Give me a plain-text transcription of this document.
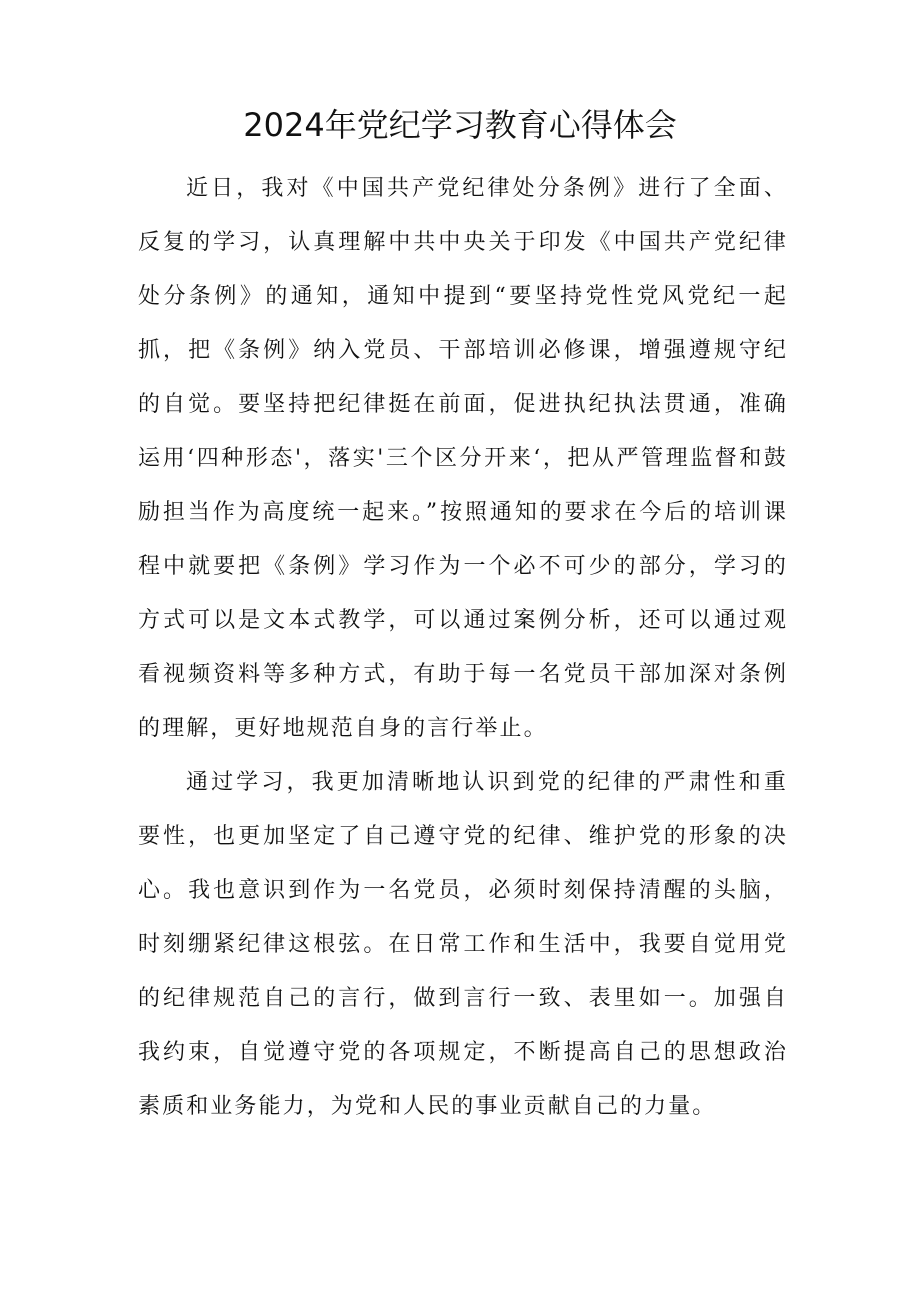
2024年党纪学习教育心得体会

近日，我对《中国共产党纪律处分条例》进行了全面、反复的学习，认真理解中共中央关于印发《中国共产党纪律处分条例》的通知，通知中提到“要坚持党性党风党纪一起抓，把《条例》纳入党员、干部培训必修课，增强遵规守纪的自觉。要坚持把纪律挺在前面，促进执纪执法贯通，准确运用‘四种形态'，落实'三个区分开来‘，把从严管理监督和鼓励担当作为高度统一起来。”按照通知的要求在今后的培训课程中就要把《条例》学习作为一个必不可少的部分，学习的方式可以是文本式教学，可以通过案例分析，还可以通过观看视频资料等多种方式，有助于每一名党员干部加深对条例的理解，更好地规范自身的言行举止。

通过学习，我更加清晰地认识到党的纪律的严肃性和重要性，也更加坚定了自己遵守党的纪律、维护党的形象的决心。我也意识到作为一名党员，必须时刻保持清醒的头脑，时刻绷紧纪律这根弦。在日常工作和生活中，我要自觉用党的纪律规范自己的言行，做到言行一致、表里如一。加强自我约束，自觉遵守党的各项规定，不断提高自己的思想政治素质和业务能力，为党和人民的事业贡献自己的力量。
